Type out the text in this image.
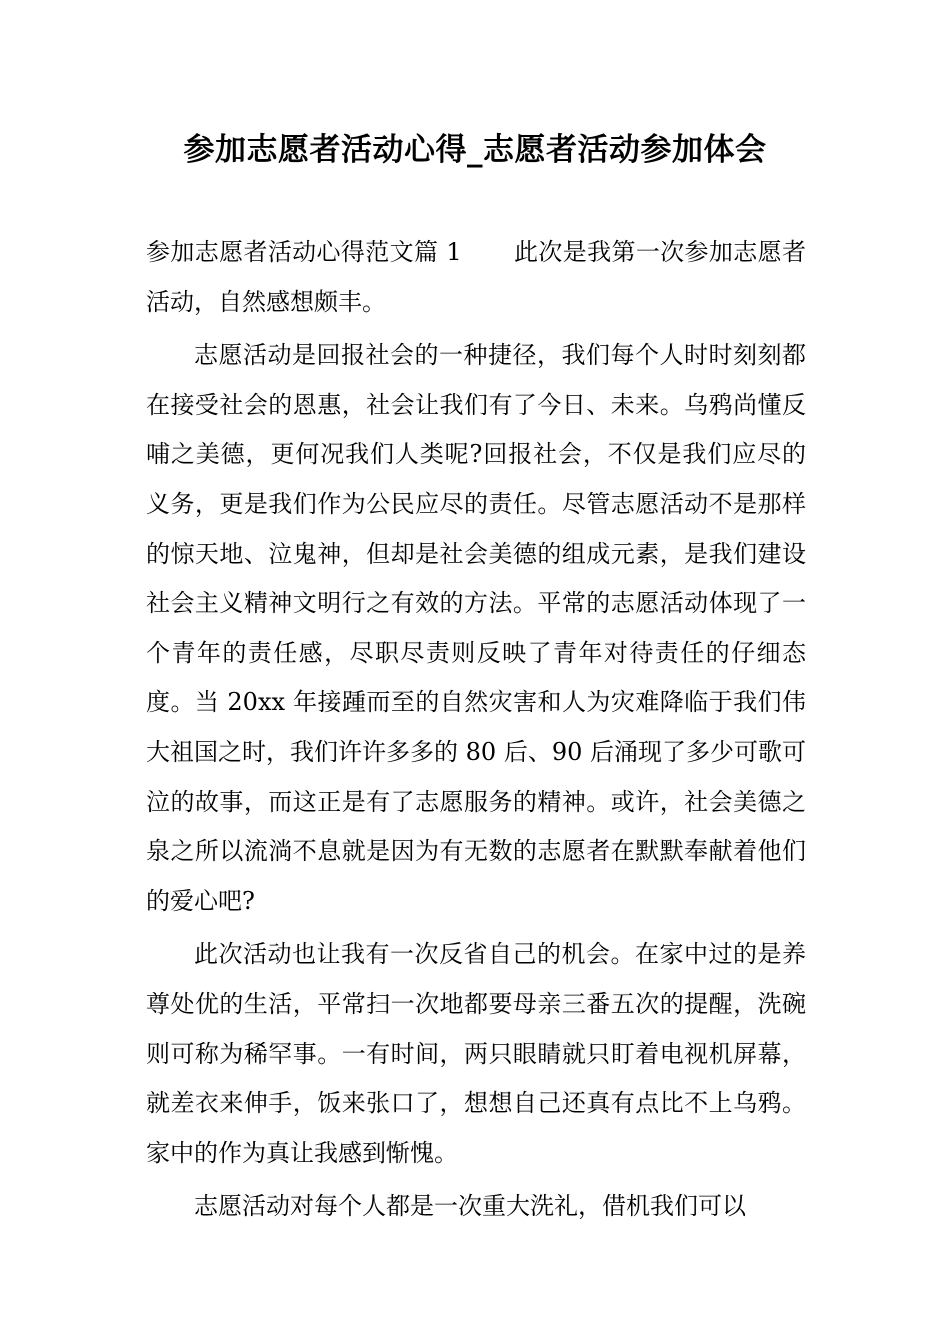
参加志愿者活动心得_志愿者活动参加体会

参加志愿者活动心得范文篇 1 此次是我第一次参加志愿者活动，自然感想颇丰。

志愿活动是回报社会的一种捷径，我们每个人时时刻刻都在接受社会的恩惠，社会让我们有了今日、未来。乌鸦尚懂反哺之美德，更何况我们人类呢?回报社会，不仅是我们应尽的义务，更是我们作为公民应尽的责任。尽管志愿活动不是那样的惊天地、泣鬼神，但却是社会美德的组成元素，是我们建设社会主义精神文明行之有效的方法。平常的志愿活动体现了一个青年的责任感，尽职尽责则反映了青年对待责任的仔细态度。当 20xx 年接踵而至的自然灾害和人为灾难降临于我们伟大祖国之时，我们许许多多的 80 后、90 后涌现了多少可歌可泣的故事，而这正是有了志愿服务的精神。或许，社会美德之泉之所以流淌不息就是因为有无数的志愿者在默默奉献着他们的爱心吧?

此次活动也让我有一次反省自己的机会。在家中过的是养尊处优的生活，平常扫一次地都要母亲三番五次的提醒，洗碗则可称为稀罕事。一有时间，两只眼睛就只盯着电视机屏幕，就差衣来伸手，饭来张口了，想想自己还真有点比不上乌鸦。家中的作为真让我感到惭愧。

志愿活动对每个人都是一次重大洗礼，借机我们可以
